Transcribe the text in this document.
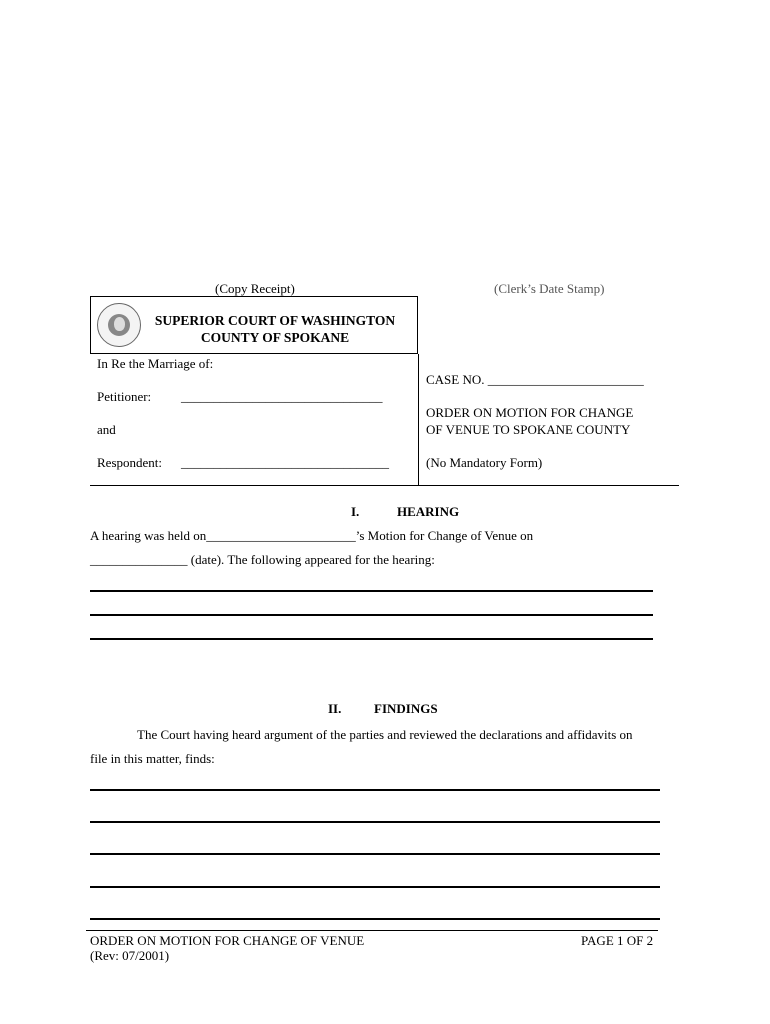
(Copy Receipt)	(Clerk’s Date Stamp)
SUPERIOR COURT OF WASHINGTON
COUNTY OF SPOKANE
In Re the Marriage of:
Petitioner: _______________________________
and
Respondent: ________________________________
CASE NO. ________________________
ORDER ON MOTION FOR CHANGE
OF VENUE TO SPOKANE COUNTY
(No Mandatory Form)
I.	HEARING
A hearing was held on_______________________’s Motion for Change of Venue on
_______________ (date). The following appeared for the hearing:
II.	FINDINGS
The Court having heard argument of the parties and reviewed the declarations and affidavits on
file in this matter, finds:
ORDER ON MOTION FOR CHANGE OF VENUE
(Rev: 07/2001)
PAGE 1 OF 2
